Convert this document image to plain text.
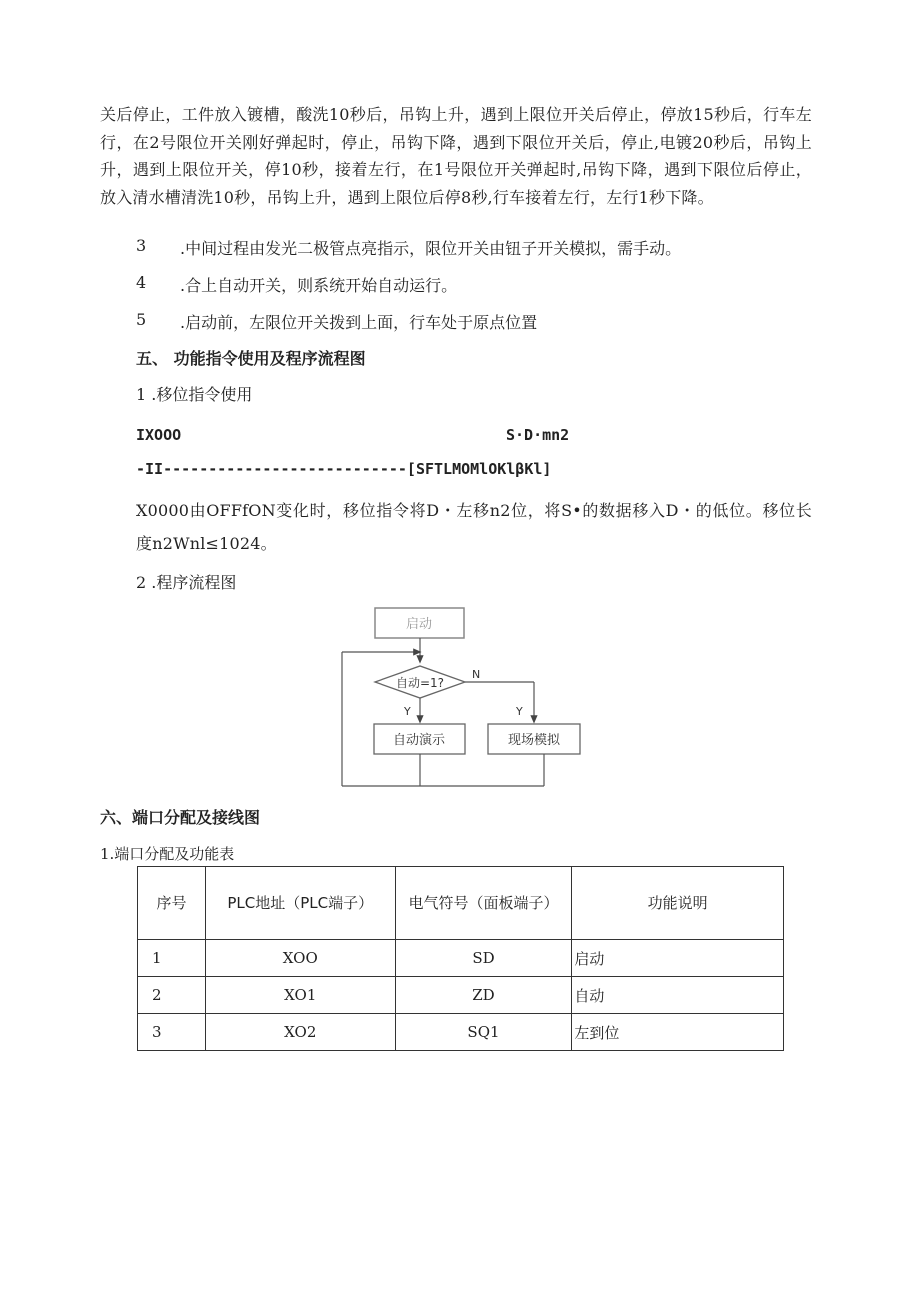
关后停止，工件放入镀槽，酸洗10秒后，吊钩上升，遇到上限位开关后停止，停放15秒后，行车左行，在2号限位开关刚好弹起时，停止，吊钩下降，遇到下限位开关后，停止,电镀20秒后，吊钩上升，遇到上限位开关，停10秒，接着左行，在1号限位开关弹起时,吊钩下降，遇到下限位后停止，放入清水槽清洗10秒，吊钩上升，遇到上限位后停8秒,行车接着左行，左行1秒下降。

3	.中间过程由发光二极管点亮指示，限位开关由钮子开关模拟，需手动。
4	.合上自动开关，则系统开始自动运行。
5	.启动前，左限位开关拨到上面，行车处于原点位置
五、 功能指令使用及程序流程图
1 .移位指令使用
IXOOO	S·D·mn2
-II---------------------------[SFTLMOMlOKlβKl]

X0000由OFFfON变化时，移位指令将D・左移n2位，将S•的数据移入D・的低位。移位长度n2Wnl≤1024。

2 .程序流程图
启动
自动=1?
N
Y	Y
自动演示	现场模拟
六、端口分配及接线图
1.端口分配及功能表
序号	PLC地址（PLC端子）	电气符号（面板端子）	功能说明
1	XOO	SD	启动
2	XO1	ZD	自动
3	XO2	SQ1	左到位
